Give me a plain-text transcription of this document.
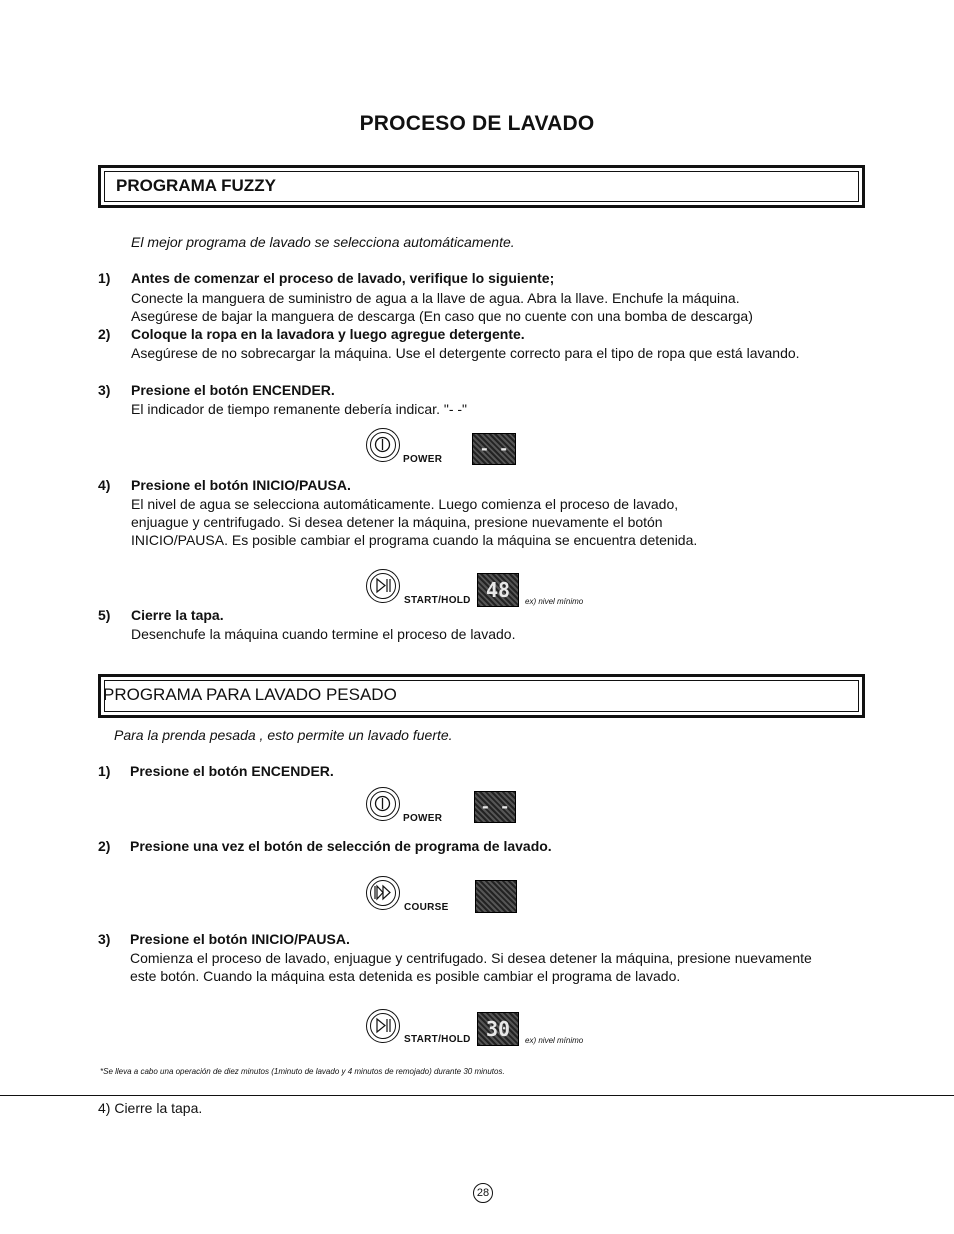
PROCESO DE LAVADO
PROGRAMA FUZZY
El mejor programa de lavado se selecciona automáticamente.
1) Antes de comenzar el proceso de lavado, verifique lo siguiente;
Conecte la manguera de suministro de agua a la llave de agua. Abra la llave. Enchufe la máquina.
Asegúrese de bajar la manguera de descarga (En caso que no cuente con una bomba de descarga)
2) Coloque la ropa en la lavadora y luego agregue detergente.
Asegúrese de no sobrecargar la máquina. Use el detergente correcto para el tipo de ropa que está lavando.
3) Presione el botón ENCENDER.
El indicador de tiempo remanente debería indicar. "- -"
POWER
- -
4) Presione el botón INICIO/PAUSA.
El nivel de agua se selecciona automáticamente. Luego comienza el proceso de lavado,
enjuague y centrifugado. Si desea detener la máquina, presione nuevamente el botón
INICIO/PAUSA. Es posible cambiar el programa cuando la máquina se encuentra detenida.
START/HOLD 48	ex) nivel mínimo
5) Cierre la tapa.
Desenchufe la máquina cuando termine el proceso de lavado.
PROGRAMA PARA LAVADO PESADO
Para la prenda pesada , esto permite un lavado fuerte.
1) Presione el botón ENCENDER.
POWER
- -
2) Presione una vez el botón de selección de programa de lavado.
COURSE
3) Presione el botón INICIO/PAUSA.
Comienza el proceso de lavado, enjuague y centrifugado. Si desea detener la máquina, presione nuevamente
este botón. Cuando la máquina esta detenida es posible cambiar el programa de lavado.
START/HOLD 30	ex) nivel mínimo
*Se lleva a cabo una operación de diez minutos (1minuto de lavado y 4 minutos de remojado) durante 30 minutos.
4) Cierre la tapa.
28
